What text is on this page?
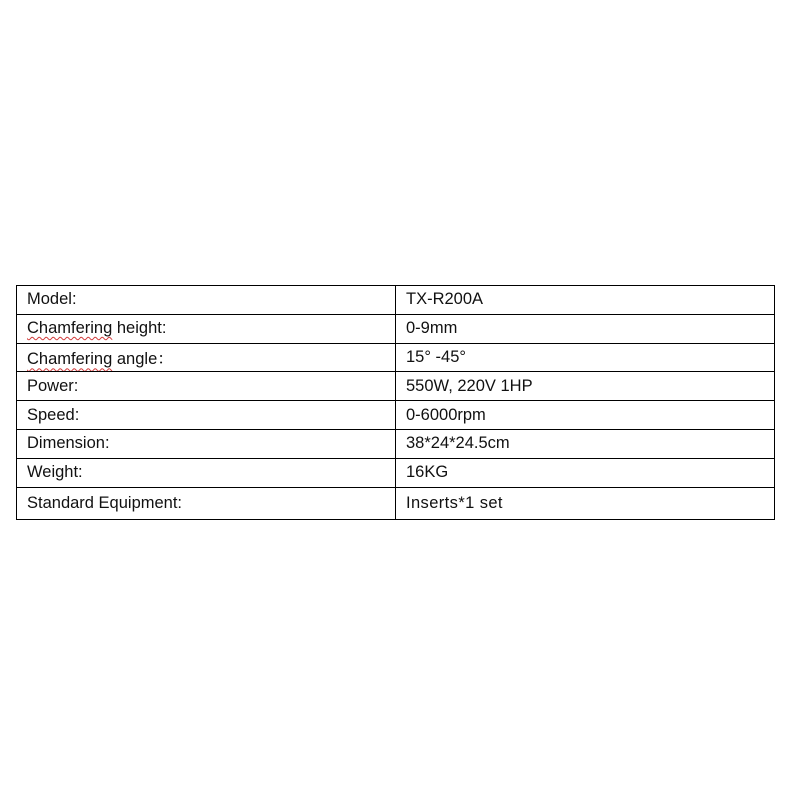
Model:	TX-R200A
Chamfering height:	0-9mm
Chamfering angle：	15° -45°
Power:	550W, 220V 1HP
Speed:	0-6000rpm
Dimension:	38*24*24.5cm
Weight:	16KG
Standard Equipment:	Inserts*1 set
